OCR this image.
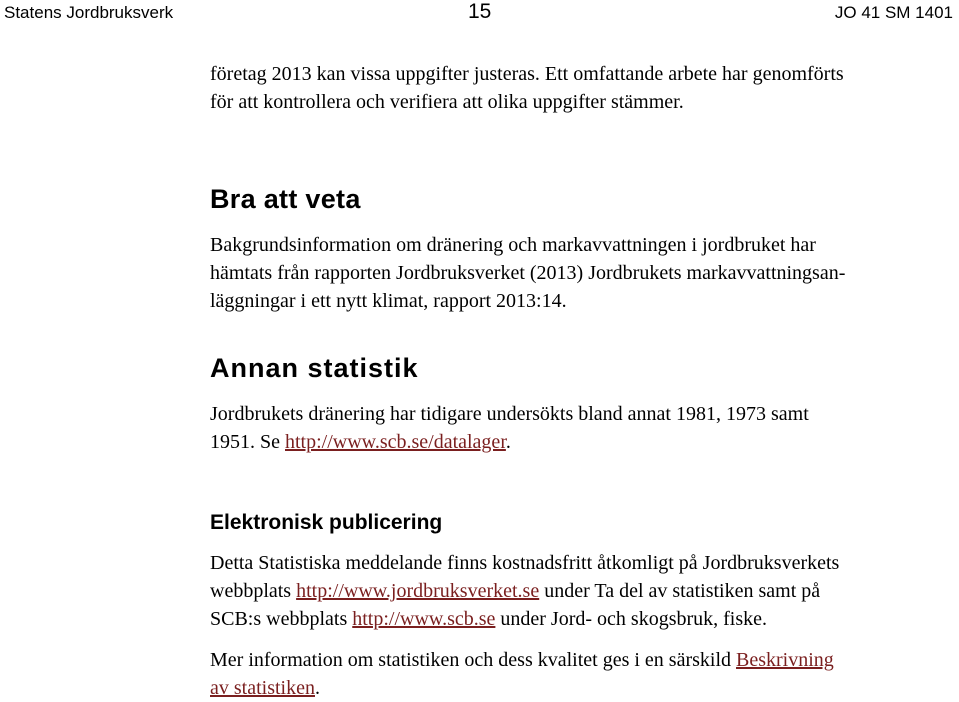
Statens Jordbruksverk	15	JO 41 SM 1401

företag 2013 kan vissa uppgifter justeras. Ett omfattande arbete har genomförts

för att kontrollera och verifiera att olika uppgifter stämmer.

Bra att veta
Bakgrundsinformation om dränering och markavvattningen i jordbruket har
hämtats från rapporten Jordbruksverket (2013) Jordbrukets markavvattningsan-
läggningar i ett nytt klimat, rapport 2013:14.
Annan statistik
Jordbrukets dränering har tidigare undersökts bland annat 1981, 1973 samt
1951. Se http://www.scb.se/datalager.
Elektronisk publicering
Detta Statistiska meddelande finns kostnadsfritt åtkomligt på Jordbruksverkets
webbplats http://www.jordbruksverket.se under Ta del av statistiken samt på
SCB:s webbplats http://www.scb.se under Jord- och skogsbruk, fiske.
Mer information om statistiken och dess kvalitet ges i en särskild Beskrivning
av statistiken.
